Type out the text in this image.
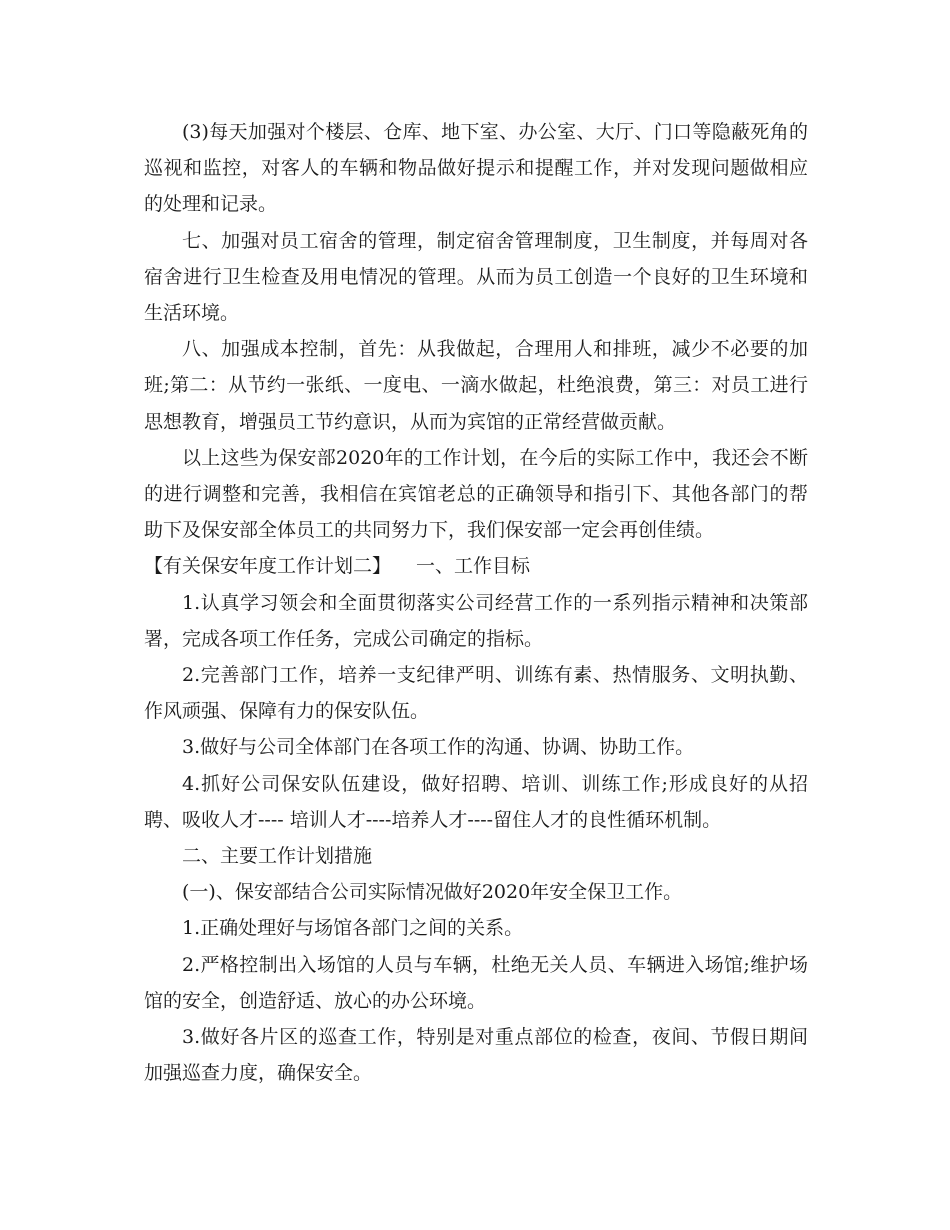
(3)每天加强对个楼层、仓库、地下室、办公室、大厅、门口等隐蔽死角的巡视和监控，对客人的车辆和物品做好提示和提醒工作，并对发现问题做相应的处理和记录。

七、加强对员工宿舍的管理，制定宿舍管理制度，卫生制度，并每周对各宿舍进行卫生检查及用电情况的管理。从而为员工创造一个良好的卫生环境和生活环境。

八、加强成本控制，首先：从我做起，合理用人和排班，减少不必要的加班;第二：从节约一张纸、一度电、一滴水做起，杜绝浪费，第三：对员工进行思想教育，增强员工节约意识，从而为宾馆的正常经营做贡献。

以上这些为保安部2020年的工作计划，在今后的实际工作中，我还会不断的进行调整和完善，我相信在宾馆老总的正确领导和指引下、其他各部门的帮助下及保安部全体员工的共同努力下，我们保安部一定会再创佳绩。

【有关保安年度工作计划二】 一、工作目标

1.认真学习领会和全面贯彻落实公司经营工作的一系列指示精神和决策部署，完成各项工作任务，完成公司确定的指标。

2.完善部门工作，培养一支纪律严明、训练有素、热情服务、文明执勤、作风顽强、保障有力的保安队伍。

3.做好与公司全体部门在各项工作的沟通、协调、协助工作。

4.抓好公司保安队伍建设，做好招聘、培训、训练工作;形成良好的从招聘、吸收人才---- 培训人才----培养人才----留住人才的良性循环机制。

二、主要工作计划措施

(一)、保安部结合公司实际情况做好2020年安全保卫工作。

1.正确处理好与场馆各部门之间的关系。

2.严格控制出入场馆的人员与车辆，杜绝无关人员、车辆进入场馆;维护场馆的安全，创造舒适、放心的办公环境。

3.做好各片区的巡查工作，特别是对重点部位的检查，夜间、节假日期间加强巡查力度，确保安全。
